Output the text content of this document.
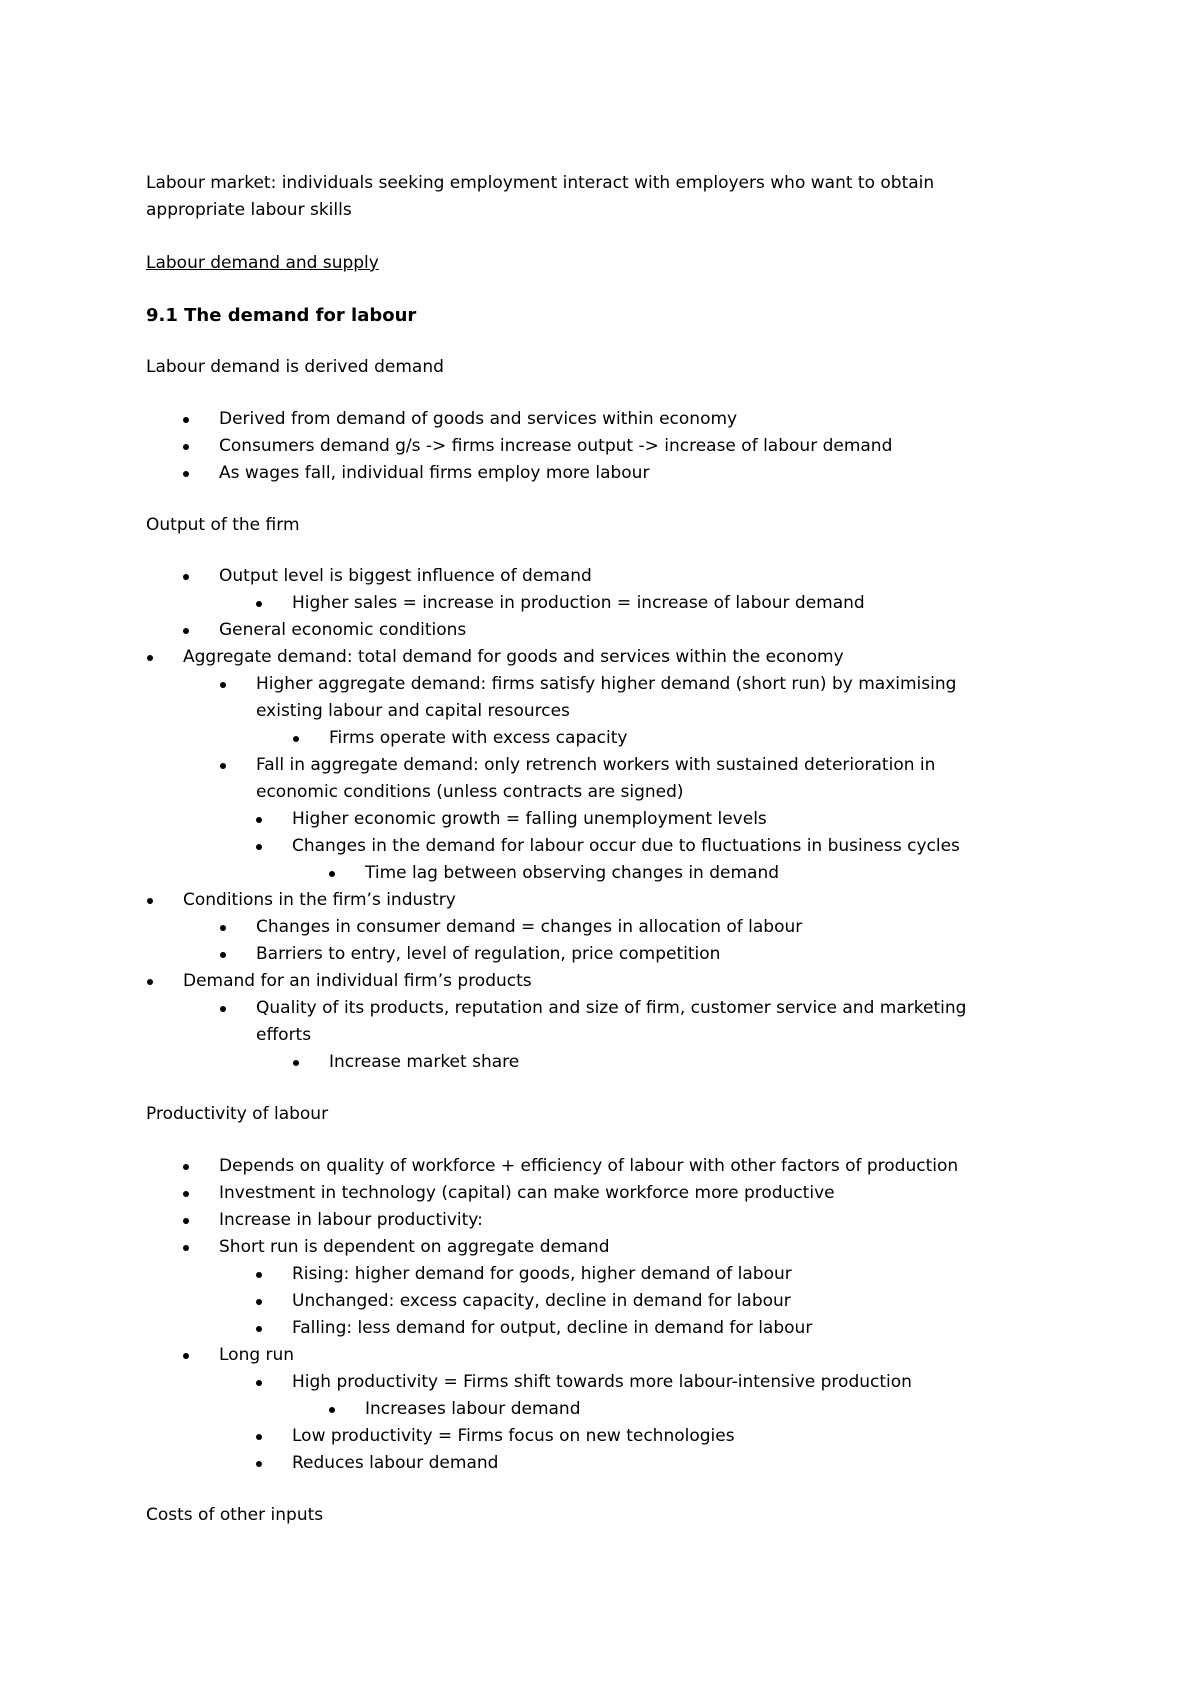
Labour market: individuals seeking employment interact with employers who want to obtain appropriate labour skills

Labour demand and supply

9.1 The demand for labour

Labour demand is derived demand

Derived from demand of goods and services within economy
Consumers demand g/s -> firms increase output -> increase of labour demand
As wages fall, individual firms employ more labour

Output of the firm

Output level is biggest influence of demand
Higher sales = increase in production = increase of labour demand
General economic conditions
Aggregate demand: total demand for goods and services within the economy
Higher aggregate demand: firms satisfy higher demand (short run) by maximising existing labour and capital resources
Firms operate with excess capacity
Fall in aggregate demand: only retrench workers with sustained deterioration in economic conditions (unless contracts are signed)
Higher economic growth = falling unemployment levels
Changes in the demand for labour occur due to fluctuations in business cycles
Time lag between observing changes in demand
Conditions in the firm’s industry
Changes in consumer demand = changes in allocation of labour
Barriers to entry, level of regulation, price competition
Demand for an individual firm’s products
Quality of its products, reputation and size of firm, customer service and marketing efforts
Increase market share

Productivity of labour

Depends on quality of workforce + efficiency of labour with other factors of production
Investment in technology (capital) can make workforce more productive
Increase in labour productivity:
Short run is dependent on aggregate demand
Rising: higher demand for goods, higher demand of labour
Unchanged: excess capacity, decline in demand for labour
Falling: less demand for output, decline in demand for labour
Long run
High productivity = Firms shift towards more labour-intensive production
Increases labour demand
Low productivity = Firms focus on new technologies
Reduces labour demand

Costs of other inputs
